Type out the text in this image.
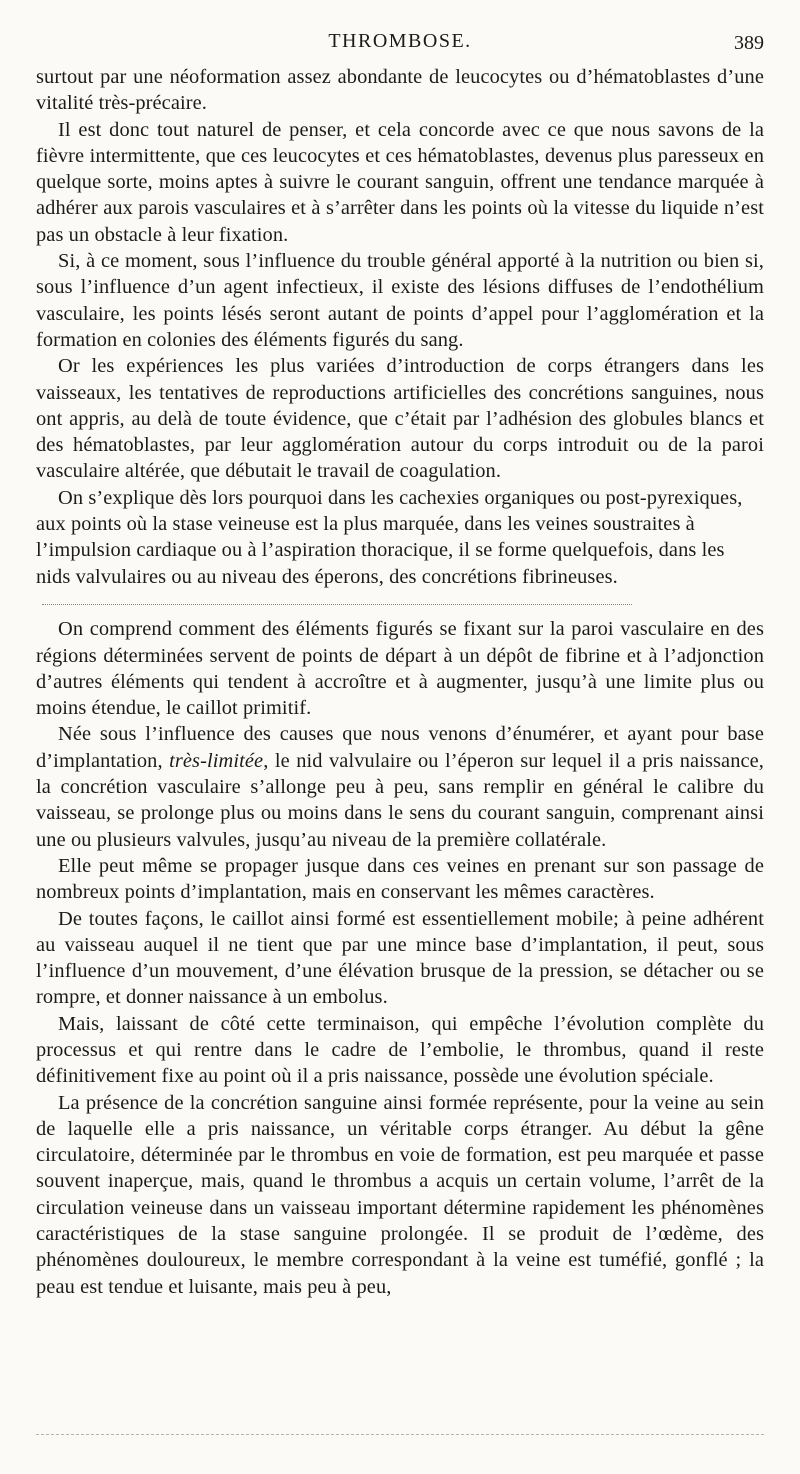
THROMBOSE.	389

surtout par une néoformation assez abondante de leucocytes ou d’hématoblastes d’une vitalité très-précaire.

Il est donc tout naturel de penser, et cela concorde avec ce que nous savons de la fièvre intermittente, que ces leucocytes et ces hématoblastes, devenus plus paresseux en quelque sorte, moins aptes à suivre le courant sanguin, offrent une tendance marquée à adhérer aux parois vasculaires et à s’arrêter dans les points où la vitesse du liquide n’est pas un obstacle à leur fixation.

Si, à ce moment, sous l’influence du trouble général apporté à la nutrition ou bien si, sous l’influence d’un agent infectieux, il existe des lésions diffuses de l’endothélium vasculaire, les points lésés seront autant de points d’appel pour l’agglomération et la formation en colonies des éléments figurés du sang.

Or les expériences les plus variées d’introduction de corps étrangers dans les vaisseaux, les tentatives de reproductions artificielles des concrétions sanguines, nous ont appris, au delà de toute évidence, que c’était par l’adhésion des globules blancs et des hématoblastes, par leur agglomération autour du corps introduit ou de la paroi vasculaire altérée, que débutait le travail de coagulation.

On s’explique dès lors pourquoi dans les cachexies organiques ou post-pyrexiques, aux points où la stase veineuse est la plus marquée, dans les veines soustraites à l’impulsion cardiaque ou à l’aspiration thoracique, il se forme quelquefois, dans les nids valvulaires ou au niveau des éperons, des concrétions fibrineuses.

On comprend comment des éléments figurés se fixant sur la paroi vasculaire en des régions déterminées servent de points de départ à un dépôt de fibrine et à l’adjonction d’autres éléments qui tendent à accroître et à augmenter, jusqu’à une limite plus ou moins étendue, le caillot primitif.

Née sous l’influence des causes que nous venons d’énumérer, et ayant pour base d’implantation, très-limitée, le nid valvulaire ou l’éperon sur lequel il a pris naissance, la concrétion vasculaire s’allonge peu à peu, sans remplir en général le calibre du vaisseau, se prolonge plus ou moins dans le sens du courant sanguin, comprenant ainsi une ou plusieurs valvules, jusqu’au niveau de la première collatérale.

Elle peut même se propager jusque dans ces veines en prenant sur son passage de nombreux points d’implantation, mais en conservant les mêmes caractères.

De toutes façons, le caillot ainsi formé est essentiellement mobile; à peine adhérent au vaisseau auquel il ne tient que par une mince base d’implantation, il peut, sous l’influence d’un mouvement, d’une élévation brusque de la pression, se détacher ou se rompre, et donner naissance à un embolus.

Mais, laissant de côté cette terminaison, qui empêche l’évolution complète du processus et qui rentre dans le cadre de l’embolie, le thrombus, quand il reste définitivement fixe au point où il a pris naissance, possède une évolution spéciale.

La présence de la concrétion sanguine ainsi formée représente, pour la veine au sein de laquelle elle a pris naissance, un véritable corps étranger. Au début la gêne circulatoire, déterminée par le thrombus en voie de formation, est peu marquée et passe souvent inaperçue, mais, quand le thrombus a acquis un certain volume, l’arrêt de la circulation veineuse dans un vaisseau important détermine rapidement les phénomènes caractéristiques de la stase sanguine prolongée. Il se produit de l’œdème, des phénomènes douloureux, le membre correspondant à la veine est tuméfié, gonflé ; la peau est tendue et luisante, mais peu à peu,
